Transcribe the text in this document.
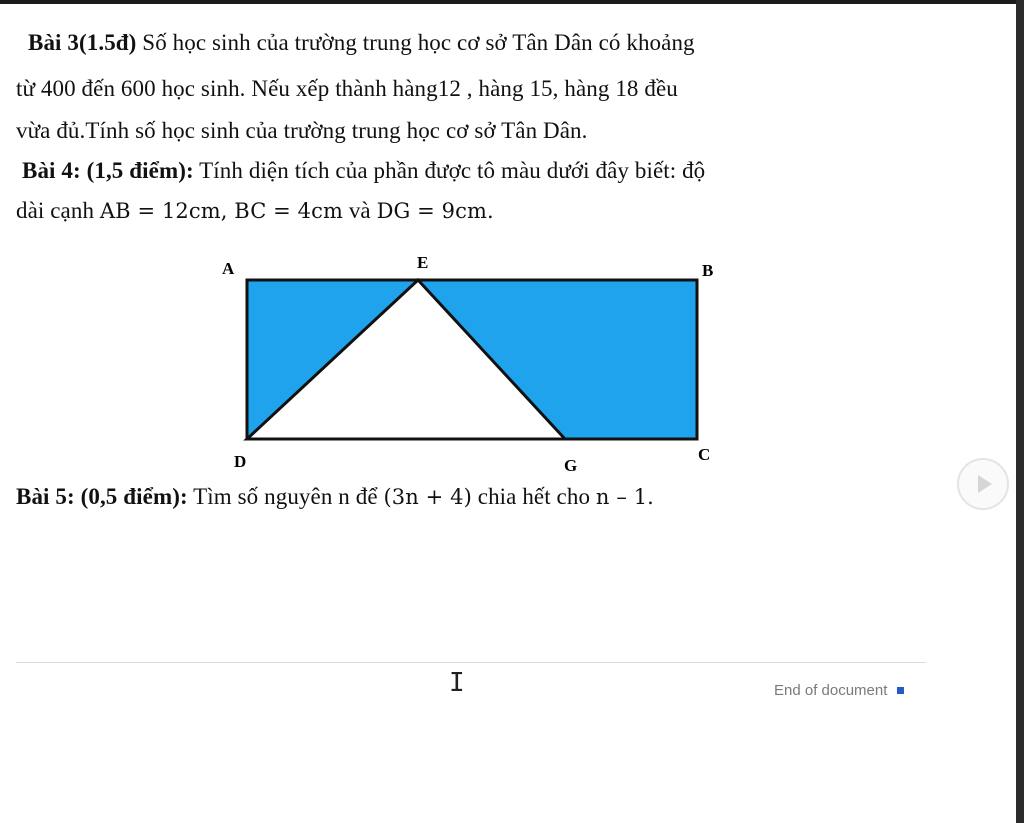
Bài 3(1.5đ) Số học sinh của trường trung học cơ sở Tân Dân có khoảng
từ 400 đến 600 học sinh. Nếu xếp thành hàng12 , hàng 15, hàng 18 đều
vừa đủ.Tính số học sinh của trường trung học cơ sở Tân Dân.
Bài 4: (1,5 điểm): Tính diện tích của phần được tô màu dưới đây biết: độ
dài cạnh AB = 12cm, BC = 4cm và DG = 9cm.
A	E	B
D	G
C
Bài 5: (0,5 điểm): Tìm số nguyên n để (3n + 4) chia hết cho n – 1.
I	End of document
